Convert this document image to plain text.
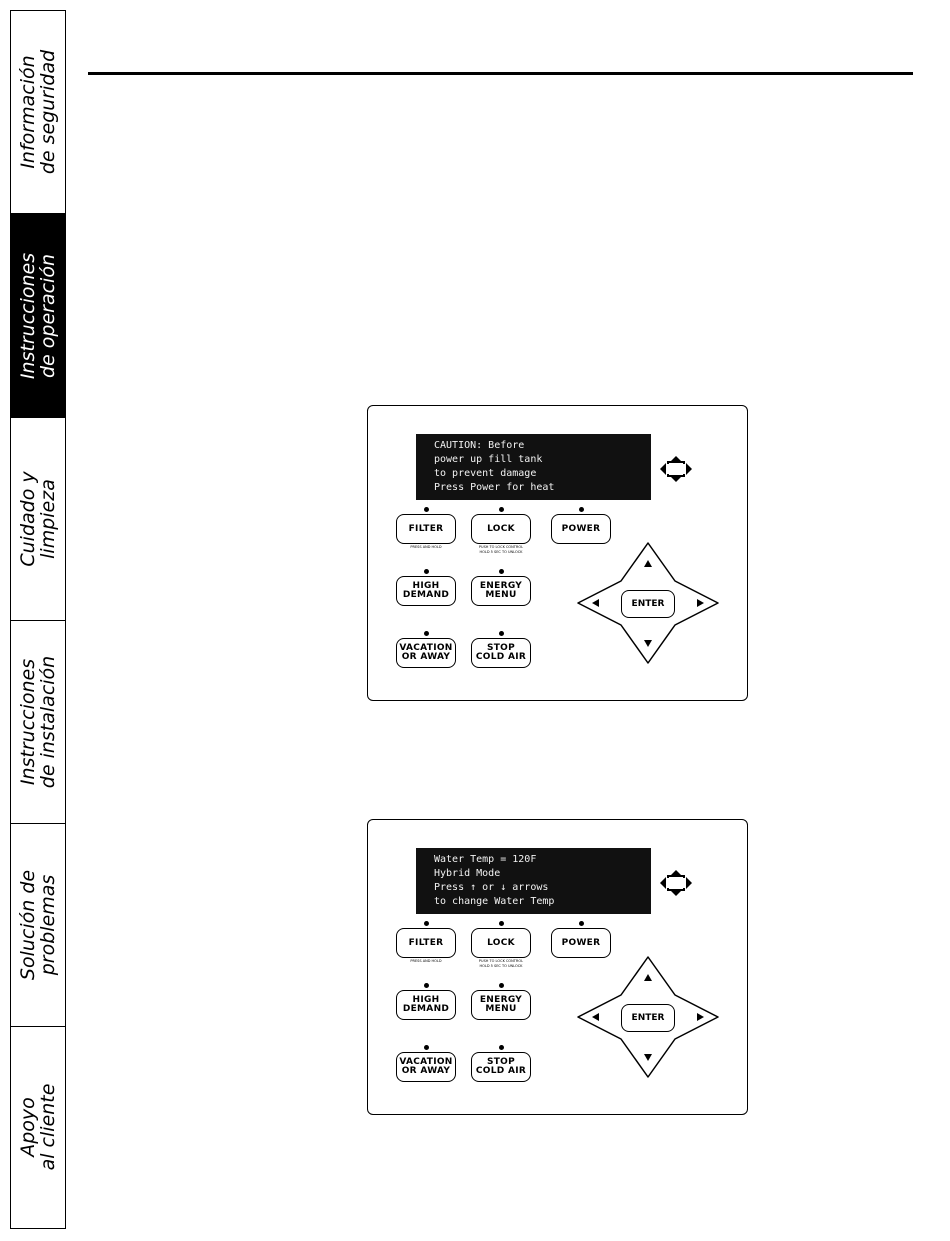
Información
de seguridad
Instrucciones
de operación
Cuidado y
limpieza
Instrucciones
de instalación
Solución de
problemas
Apoyo
al cliente
CAUTION: Before
power up fill tank
to prevent damage
Press Power for heat
FILTER
PRESS AND HOLD
LOCK
PUSH TO LOCK CONTROL
HOLD 5 SEC TO UNLOCK
POWER
HIGH
DEMAND
ENERGY
MENU
VACATION
OR AWAY
STOP
COLD AIR
ENTER
Water Temp = 120F
Hybrid Mode
Press ↑ or ↓ arrows
to change Water Temp
FILTER
PRESS AND HOLD
LOCK
PUSH TO LOCK CONTROL
HOLD 5 SEC TO UNLOCK
POWER
HIGH
DEMAND
ENERGY
MENU
VACATION
OR AWAY
STOP
COLD AIR
ENTER
